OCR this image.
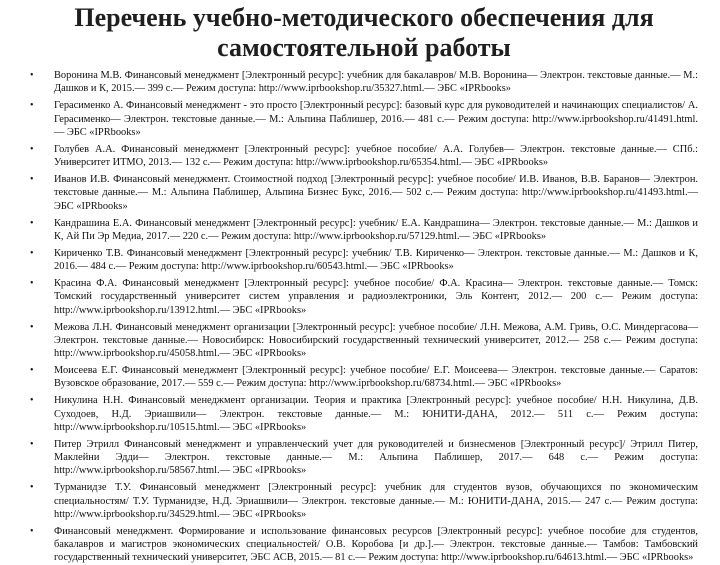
Перечень учебно-методического обеспечения для самостоятельной работы
• Воронина М.В. Финансовый менеджмент [Электронный ресурс]: учебник для бакалавров/ М.В. Воронина— Электрон. текстовые данные.— М.: Дашков и К, 2015.— 399 c.— Режим доступа: http://www.iprbookshop.ru/35327.html.— ЭБС «IPRbooks»
• Герасименко А. Финансовый менеджмент - это просто [Электронный ресурс]: базовый курс для руководителей и начинающих специалистов/ А. Герасименко— Электрон. текстовые данные.— М.: Альпина Паблишер, 2016.— 481 c.— Режим доступа: http://www.iprbookshop.ru/41491.html.— ЭБС «IPRbooks»
• Голубев А.А. Финансовый менеджмент [Электронный ресурс]: учебное пособие/ А.А. Голубев— Электрон. текстовые данные.— СПб.: Университет ИТМО, 2013.— 132 c.— Режим доступа: http://www.iprbookshop.ru/65354.html.— ЭБС «IPRbooks»
• Иванов И.В. Финансовый менеджмент. Стоимостной подход [Электронный ресурс]: учебное пособие/ И.В. Иванов, В.В. Баранов— Электрон. текстовые данные.— М.: Альпина Паблишер, Альпина Бизнес Букс, 2016.— 502 c.— Режим доступа: http://www.iprbookshop.ru/41493.html.— ЭБС «IPRbooks»
• Кандрашина Е.А. Финансовый менеджмент [Электронный ресурс]: учебник/ Е.А. Кандрашина— Электрон. текстовые данные.— М.: Дашков и К, Ай Пи Эр Медиа, 2017.— 220 c.— Режим доступа: http://www.iprbookshop.ru/57129.html.— ЭБС «IPRbooks»
• Кириченко Т.В. Финансовый менеджмент [Электронный ресурс]: учебник/ Т.В. Кириченко— Электрон. текстовые данные.— М.: Дашков и К, 2016.— 484 c.— Режим доступа: http://www.iprbookshop.ru/60543.html.— ЭБС «IPRbooks»
• Красина Ф.А. Финансовый менеджмент [Электронный ресурс]: учебное пособие/ Ф.А. Красина— Электрон. текстовые данные.— Томск: Томский государственный университет систем управления и радиоэлектроники, Эль Контент, 2012.— 200 c.— Режим доступа: http://www.iprbookshop.ru/13912.html.— ЭБС «IPRbooks»
• Межова Л.Н. Финансовый менеджмент организации [Электронный ресурс]: учебное пособие/ Л.Н. Межова, А.М. Гривь, О.С. Миндергасова— Электрон. текстовые данные.— Новосибирск: Новосибирский государственный технический университет, 2012.— 258 c.— Режим доступа: http://www.iprbookshop.ru/45058.html.— ЭБС «IPRbooks»
• Моисеева Е.Г. Финансовый менеджмент [Электронный ресурс]: учебное пособие/ Е.Г. Моисеева— Электрон. текстовые данные.— Саратов: Вузовское образование, 2017.— 559 c.— Режим доступа: http://www.iprbookshop.ru/68734.html.— ЭБС «IPRbooks»
• Никулина Н.Н. Финансовый менеджмент организации. Теория и практика [Электронный ресурс]: учебное пособие/ Н.Н. Никулина, Д.В. Суходоев, Н.Д. Эриашвили— Электрон. текстовые данные.— М.: ЮНИТИ-ДАНА, 2012.— 511 c.— Режим доступа: http://www.iprbookshop.ru/10515.html.— ЭБС «IPRbooks»
• Питер Этрилл Финансовый менеджмент и управленческий учет для руководителей и бизнесменов [Электронный ресурс]/ Этрилл Питер, Маклейни Эдди— Электрон. текстовые данные.— М.: Альпина Паблишер, 2017.— 648 c.— Режим доступа: http://www.iprbookshop.ru/58567.html.— ЭБС «IPRbooks»
• Турманидзе Т.У. Финансовый менеджмент [Электронный ресурс]: учебник для студентов вузов, обучающихся по экономическим специальностям/ Т.У. Турманидзе, Н.Д. Эриашвили— Электрон. текстовые данные.— М.: ЮНИТИ-ДАНА, 2015.— 247 c.— Режим доступа: http://www.iprbookshop.ru/34529.html.— ЭБС «IPRbooks»
• Финансовый менеджмент. Формирование и использование финансовых ресурсов [Электронный ресурс]: учебное пособие для студентов, бакалавров и магистров экономических специальностей/ О.В. Коробова [и др.].— Электрон. текстовые данные.— Тамбов: Тамбовский государственный технический университет, ЭБС АСВ, 2015.— 81 c.— Режим доступа: http://www.iprbookshop.ru/64613.html.— ЭБС «IPRbooks»
